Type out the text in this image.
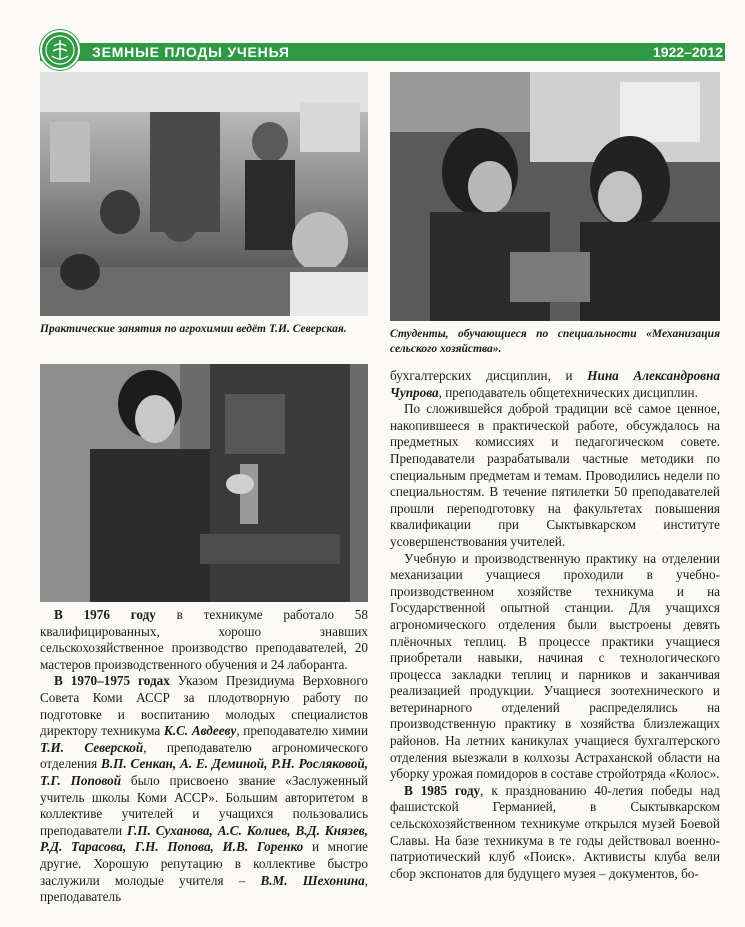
ЗЕМНЫЕ ПЛОДЫ УЧЕНЬЯ	1922–2012
Практические занятия по агрохимии ведёт Т.И. Северская.	Студенты, обучающиеся по специальности «Механизация сельского хозяйства».

В 1976 году в техникуме работало 58 квалифицированных, хорошо знавших сельскохозяйственное производство преподавателей, 20 мастеров производственного обучения и 24 лаборанта.

В 1970–1975 годах Указом Президиума Верховного Совета Коми АССР за плодотворную работу по подготовке и воспитанию молодых специалистов директору техникума К.С. Авдееву, преподавателю химии Т.И. Северской, преподавателю агрономического отделения В.П. Сенкан, А. Е. Деминой, Р.Н. Росляковой, Т.Г. Поповой было присвоено звание «Заслуженный учитель школы Коми АССР». Большим авторитетом в коллективе учителей и учащихся пользовались преподаватели Г.П. Суханова, А.С. Колиев, В.Д. Князев, Р.Д. Тарасова, Г.Н. Попова, И.В. Горенко и многие другие. Хорошую репутацию в коллективе быстро заслужили молодые учителя – В.М. Шехонина, преподаватель

бухгалтерских дисциплин, и Нина Александровна Чупрова, преподаватель общетехнических дисциплин.

По сложившейся доброй традиции всё самое ценное, накопившееся в практической работе, обсуждалось на предметных комиссиях и педагогическом совете. Преподаватели разрабатывали частные методики по специальным предметам и темам. Проводились недели по специальностям. В течение пятилетки 50 преподавателей прошли переподготовку на факультетах повышения квалификации при Сыктывкарском институте усовершенствования учителей.

Учебную и производственную практику на отделении механизации учащиеся проходили в учебно-производственном хозяйстве техникума и на Государственной опытной станции. Для учащихся агрономического отделения были выстроены девять плёночных теплиц. В процессе практики учащиеся приобретали навыки, начиная с технологического процесса закладки теплиц и парников и заканчивая реализацией продукции. Учащиеся зоотехнического и ветеринарного отделений распределялись на производственную практику в хозяйства близлежащих районов. На летних каникулах учащиеся бухгалтерского отделения выезжали в колхозы Астраханской области на уборку урожая помидоров в составе стройотряда «Колос».

В 1985 году, к празднованию 40-летия победы над фашистской Германией, в Сыктывкарском сельскохозяйственном техникуме открылся музей Боевой Славы. На базе техникума в те годы действовал военно-патриотический клуб «Поиск». Активисты клуба вели сбор экспонатов для будущего музея – документов, бо-
